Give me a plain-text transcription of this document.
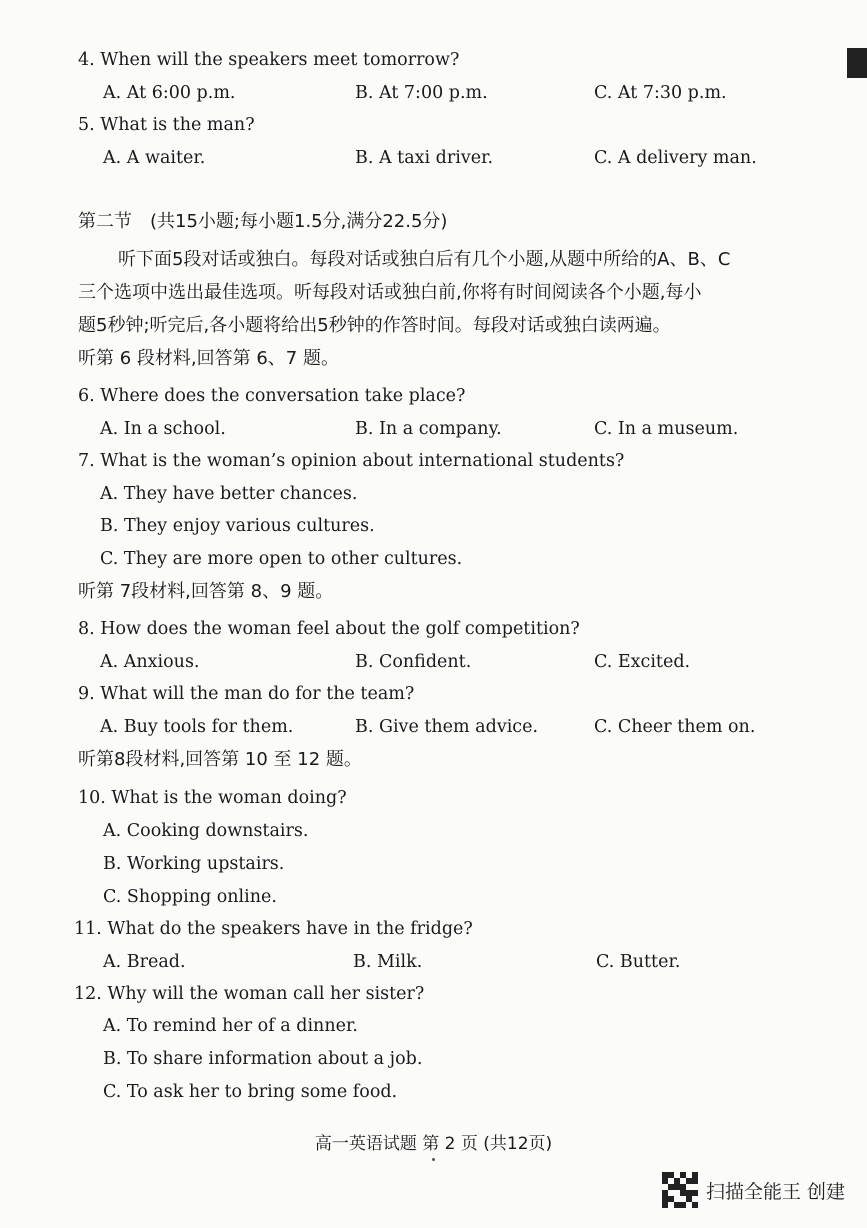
4. When will the speakers meet tomorrow?
A. At 6:00 p.m.	B. At 7:00 p.m.	C. At 7:30 p.m.
5. What is the man?
A. A waiter.	B. A taxi driver.	C. A delivery man.
第二节　(共15小题;每小题1.5分,满分22.5分)
听下面5段对话或独白。每段对话或独白后有几个小题,从题中所给的A、B、C
三个选项中选出最佳选项。听每段对话或独白前,你将有时间阅读各个小题,每小
题5秒钟;听完后,各小题将给出5秒钟的作答时间。每段对话或独白读两遍。
听第 6 段材料,回答第 6、7 题。
6. Where does the conversation take place?
A. In a school.	B. In a company.	C. In a museum.
7. What is the woman’s opinion about international students?
A. They have better chances.
B. They enjoy various cultures.
C. They are more open to other cultures.
听第 7段材料,回答第 8、9 题。
8. How does the woman feel about the golf competition?
A. Anxious.	B. Confident.	C. Excited.
9. What will the man do for the team?
A. Buy tools for them.	B. Give them advice.	C. Cheer them on.
听第8段材料,回答第 10 至 12 题。
10. What is the woman doing?
A. Cooking downstairs.
B. Working upstairs.
C. Shopping online.
11. What do the speakers have in the fridge?
A. Bread.	B. Milk.	C. Butter.
12. Why will the woman call her sister?
A. To remind her of a dinner.
B. To share information about a job.
C. To ask her to bring some food.
高一英语试题 第 2 页 (共12页)
扫描全能王 创建
